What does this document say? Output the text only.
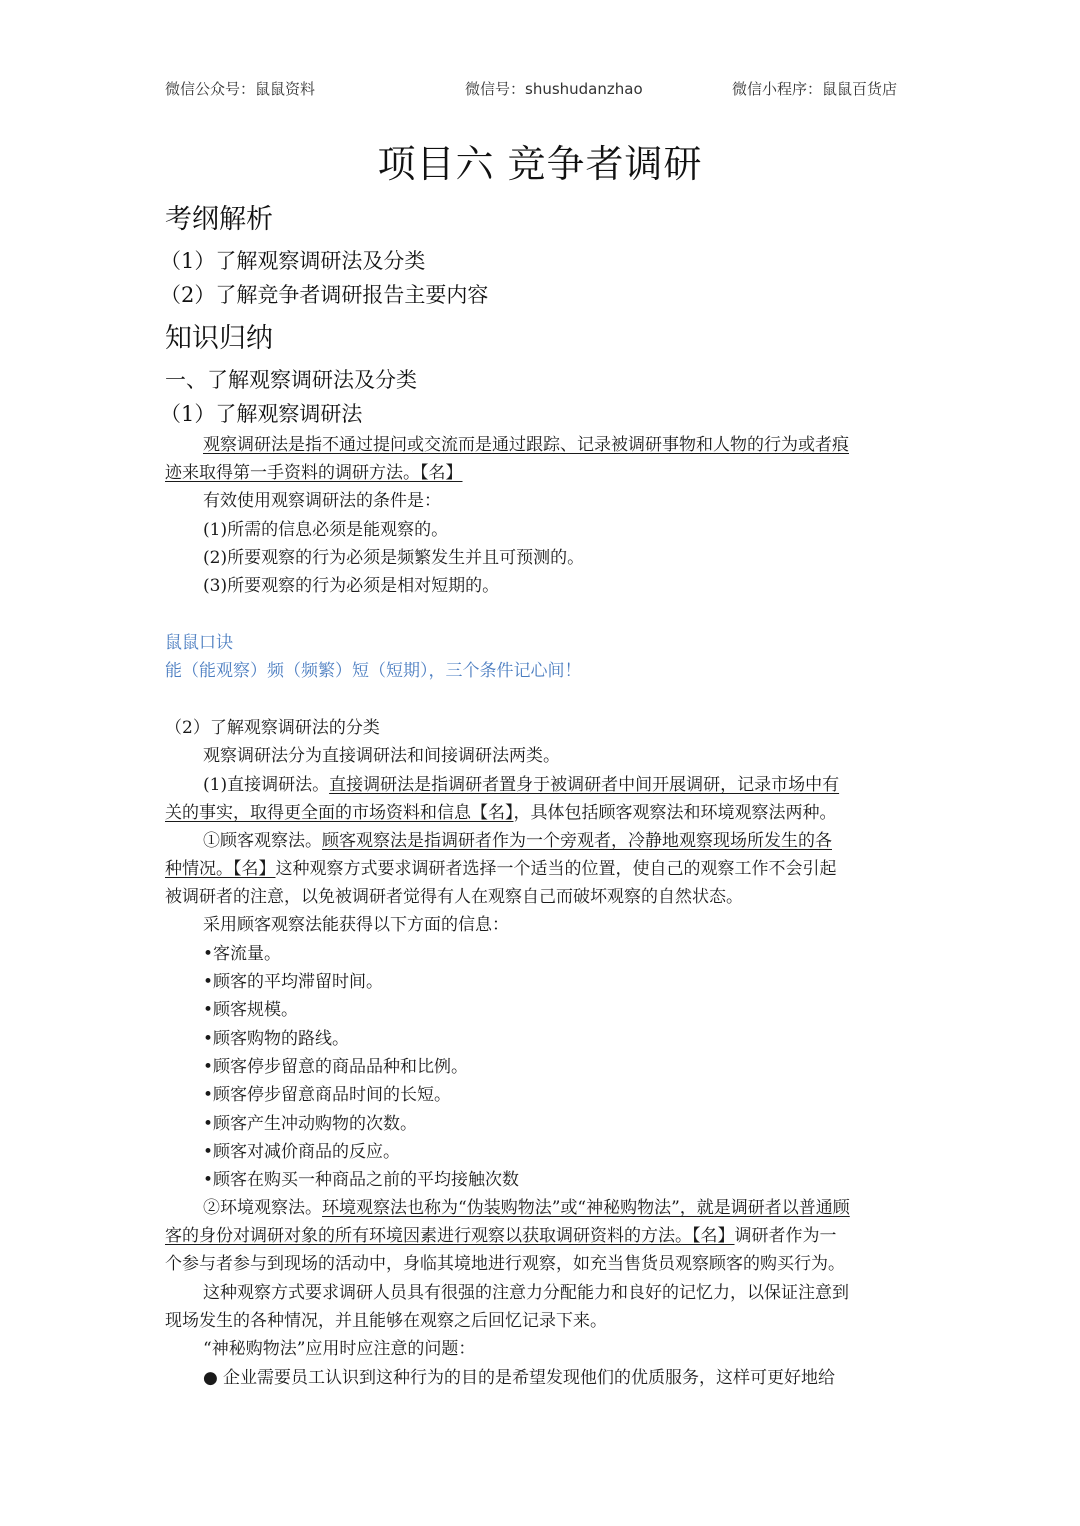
微信公众号：鼠鼠资料	微信号：shushudanzhao	微信小程序：鼠鼠百货店
项目六 竞争者调研
考纲解析
（1）了解观察调研法及分类
（2）了解竞争者调研报告主要内容
知识归纳
一、了解观察调研法及分类
（1）了解观察调研法
观察调研法是指不通过提问或交流而是通过跟踪、记录被调研事物和人物的行为或者痕
迹来取得第一手资料的调研方法。【名】
有效使用观察调研法的条件是：
(1)所需的信息必须是能观察的。
(2)所要观察的行为必须是频繁发生并且可预测的。
(3)所要观察的行为必须是相对短期的。
鼠鼠口诀
能（能观察）频（频繁）短（短期），三个条件记心间！
（2）了解观察调研法的分类
观察调研法分为直接调研法和间接调研法两类。
(1)直接调研法。直接调研法是指调研者置身于被调研者中间开展调研，记录市场中有
关的事实，取得更全面的市场资料和信息【名】，具体包括顾客观察法和环境观察法两种。
①顾客观察法。顾客观察法是指调研者作为一个旁观者，冷静地观察现场所发生的各
种情况。【名】这种观察方式要求调研者选择一个适当的位置，使自己的观察工作不会引起
被调研者的注意，以免被调研者觉得有人在观察自己而破坏观察的自然状态。
采用顾客观察法能获得以下方面的信息：
•客流量。
•顾客的平均滞留时间。
•顾客规模。
•顾客购物的路线。
•顾客停步留意的商品品种和比例。
•顾客停步留意商品时间的长短。
•顾客产生冲动购物的次数。
•顾客对减价商品的反应。
•顾客在购买一种商品之前的平均接触次数
②环境观察法。环境观察法也称为“伪装购物法”或“神秘购物法”，就是调研者以普通顾
客的身份对调研对象的所有环境因素进行观察以获取调研资料的方法。【名】调研者作为一
个参与者参与到现场的活动中，身临其境地进行观察，如充当售货员观察顾客的购买行为。
这种观察方式要求调研人员具有很强的注意力分配能力和良好的记忆力，以保证注意到
现场发生的各种情况，并且能够在观察之后回忆记录下来。
“神秘购物法”应用时应注意的问题：
● 企业需要员工认识到这种行为的目的是希望发现他们的优质服务，这样可更好地给
